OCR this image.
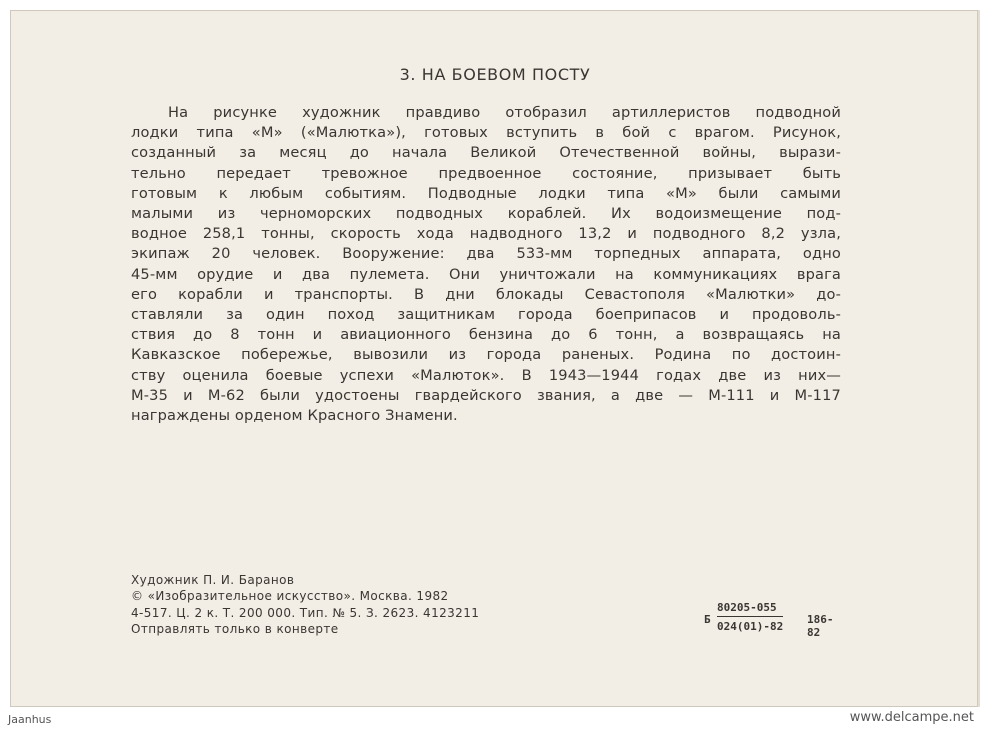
3. НА БОЕВОМ ПОСТУ
На рисунке художник правдиво отобразил артиллеристов подводной
лодки типа «М» («Малютка»), готовых вступить в бой с врагом. Рисунок,
созданный за месяц до начала Великой Отечественной войны, вырази-
тельно передает тревожное предвоенное состояние, призывает быть
готовым к любым событиям. Подводные лодки типа «М» были самыми
малыми из черноморских подводных кораблей. Их водоизмещение под-
водное 258,1 тонны, скорость хода надводного 13,2 и подводного 8,2 узла,
экипаж 20 человек. Вооружение: два 533-мм торпедных аппарата, одно
45-мм орудие и два пулемета. Они уничтожали на коммуникациях врага
его корабли и транспорты. В дни блокады Севастополя «Малютки» до-
ставляли за один поход защитникам города боеприпасов и продоволь-
ствия до 8 тонн и авиационного бензина до 6 тонн, а возвращаясь на
Кавказское побережье, вывозили из города раненых. Родина по достоин-
ству оценила боевые успехи «Малюток». В 1943—1944 годах две из них—
М-35 и М-62 были удостоены гвардейского звания, а две — М-111 и М-117
награждены орденом Красного Знамени.
Художник П. И. Баранов
© «Изобразительное искусство». Москва. 1982
4-517. Ц. 2 к. Т. 200 000. Тип. № 5. З. 2623. 4123211
Отправлять только в конверте
Б $\frac{80205-055}{024(01)-82} 186-82$
Jaanhus	www.delcampe.net
